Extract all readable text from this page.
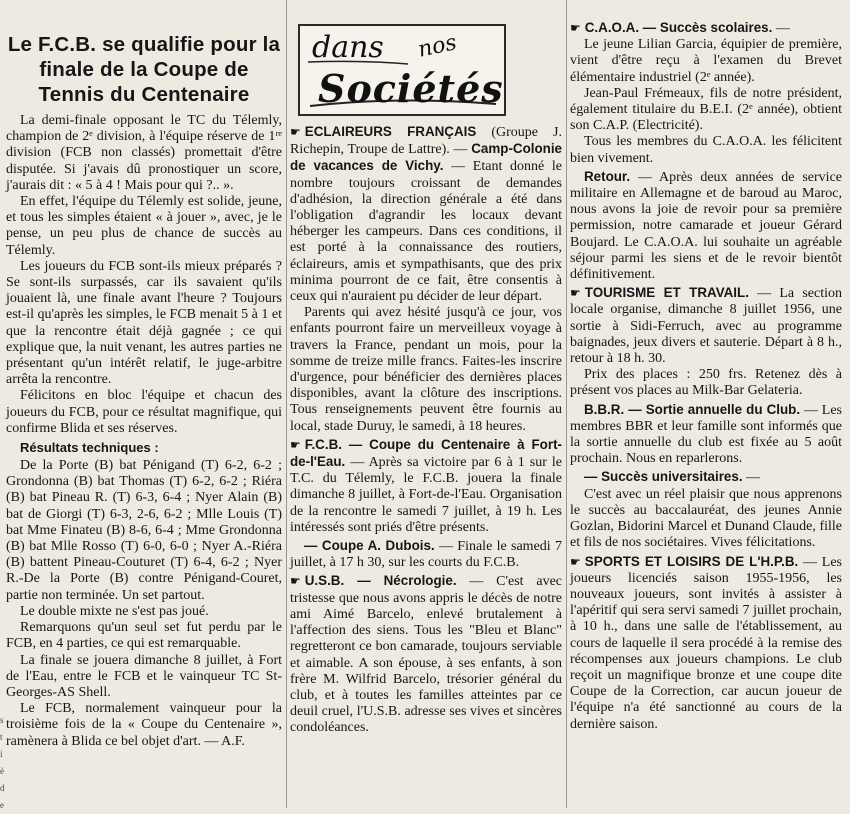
s
t
i
è
d
e
Le F.C.B. se qualifie pour la finale de la Coupe de Tennis du Centenaire

La demi-finale opposant le TC du Télemly, champion de 2ᵉ division, à l'équipe réserve de 1ʳᵉ division (FCB non classés) promettait d'être disputée. Si j'avais dû pronostiquer un score, j'aurais dit : « 5 à 4 ! Mais pour qui ?.. ».

En effet, l'équipe du Télemly est solide, jeune, et tous les simples étaient « à jouer », avec, je le pense, un peu plus de chance de succès au Télemly.

Les joueurs du FCB sont-ils mieux préparés ? Se sont-ils surpassés, car ils savaient qu'ils jouaient là, une finale avant l'heure ? Toujours est-il qu'après les simples, le FCB menait 5 à 1 et que la rencontre était déjà gagnée ; ce qui explique que, la nuit venant, les autres parties ne présentant qu'un intérêt relatif, le juge-arbitre arrêta la rencontre.

Félicitons en bloc l'équipe et chacun des joueurs du FCB, pour ce résultat magnifique, qui confirme Blida et ses réserves.

Résultats techniques :

De la Porte (B) bat Pénigand (T) 6-2, 6-2 ; Grondonna (B) bat Thomas (T) 6-2, 6-2 ; Riéra (B) bat Pineau R. (T) 6-3, 6-4 ; Nyer Alain (B) bat de Giorgi (T) 6-3, 2-6, 6-2 ; Mlle Louis (T) bat Mme Finateu (B) 8-6, 6-4 ; Mme Grondonna (B) bat Mlle Rosso (T) 6-0, 6-0 ; Nyer A.-Riéra (B) battent Pineau-Couturet (T) 6-4, 6-2 ; Nyer R.-De la Porte (B) contre Pénigand-Couret, partie non terminée. Un set partout.

Le double mixte ne s'est pas joué.

Remarquons qu'un seul set fut perdu par le FCB, en 4 parties, ce qui est remarquable.

La finale se jouera dimanche 8 juillet, à Fort de l'Eau, entre le FCB et le vainqueur TC St-Georges-AS Shell.

Le FCB, normalement vainqueur pour la troisième fois de la « Coupe du Centenaire », ramènera à Blida ce bel objet d'art. — A.F.

dans nos
Sociétés

☛ ECLAIREURS FRANÇAIS (Groupe J. Richepin, Troupe de Lattre). — Camp-Colonie de vacances de Vichy. — Etant donné le nombre toujours croissant de demandes d'adhésion, la direction générale a été dans l'obligation d'agrandir les locaux devant héberger les campeurs. Dans ces conditions, il est porté à la connaissance des routiers, éclaireurs, amis et sympathisants, que des prix minima pourront de ce fait, être consentis à ceux qui n'auraient pu décider de leur départ.

Parents qui avez hésité jusqu'à ce jour, vos enfants pourront faire un merveilleux voyage à travers la France, pendant un mois, pour la somme de treize mille francs. Faites-les inscrire d'urgence, pour bénéficier des dernières places disponibles, avant la clôture des inscriptions. Tous renseignements peuvent être fournis au local, stade Duruy, le samedi, à 18 heures.

☛ F.C.B. — Coupe du Centenaire à Fort-de-l'Eau. — Après sa victoire par 6 à 1 sur le T.C. du Télemly, le F.C.B. jouera la finale dimanche 8 juillet, à Fort-de-l'Eau. Organisation de la rencontre le samedi 7 juillet, à 19 h. Les intéressés sont priés d'être présents.

— Coupe A. Dubois. — Finale le samedi 7 juillet, à 17 h 30, sur les courts du F.C.B.

☛ U.S.B. — Nécrologie. — C'est avec tristesse que nous avons appris le décès de notre ami Aimé Barcelo, enlevé brutalement à l'affection des siens. Tous les "Bleu et Blanc" regretteront ce bon camarade, toujours serviable et aimable. A son épouse, à ses enfants, à son frère M. Wilfrid Barcelo, trésorier général du club, et à toutes les familles atteintes par ce deuil cruel, l'U.S.B. adresse ses vives et sincères condoléances.

☛ C.A.O.A. — Succès scolaires. —

Le jeune Lilian Garcia, équipier de première, vient d'être reçu à l'examen du Brevet élémentaire industriel (2ᵉ année).

Jean-Paul Frémeaux, fils de notre président, également titulaire du B.E.I. (2ᵉ année), obtient son C.A.P. (Electricité).

Tous les membres du C.A.O.A. les félicitent bien vivement.

Retour. — Après deux années de service militaire en Allemagne et de baroud au Maroc, nous avons la joie de revoir pour sa première permission, notre camarade et joueur Gérard Boujard. Le C.A.O.A. lui souhaite un agréable séjour parmi les siens et de le revoir bientôt définitivement.

☛ TOURISME ET TRAVAIL. — La section locale organise, dimanche 8 juillet 1956, une sortie à Sidi-Ferruch, avec au programme baignades, jeux divers et sauterie. Départ à 8 h., retour à 18 h. 30.

Prix des places : 250 frs. Retenez dès à présent vos places au Milk-Bar Gelateria.

B.B.R. — Sortie annuelle du Club. — Les membres BBR et leur famille sont informés que la sortie annuelle du club est fixée au 5 août prochain. Nous en reparlerons.

— Succès universitaires. —

C'est avec un réel plaisir que nous apprenons le succès au baccalauréat, des jeunes Annie Gozlan, Bidorini Marcel et Dunand Claude, fille et fils de nos sociétaires. Vives félicitations.

☛ SPORTS ET LOISIRS DE L'H.P.B. — Les joueurs licenciés saison 1955-1956, les nouveaux joueurs, sont invités à assister à l'apéritif qui sera servi samedi 7 juillet prochain, à 10 h., dans une salle de l'établissement, au cours de laquelle il sera procédé à la remise des récompenses aux joueurs champions. Le club reçoit un magnifique bronze et une coupe dite Coupe de la Correction, car aucun joueur de l'équipe n'a été sanctionné au cours de la dernière saison.
